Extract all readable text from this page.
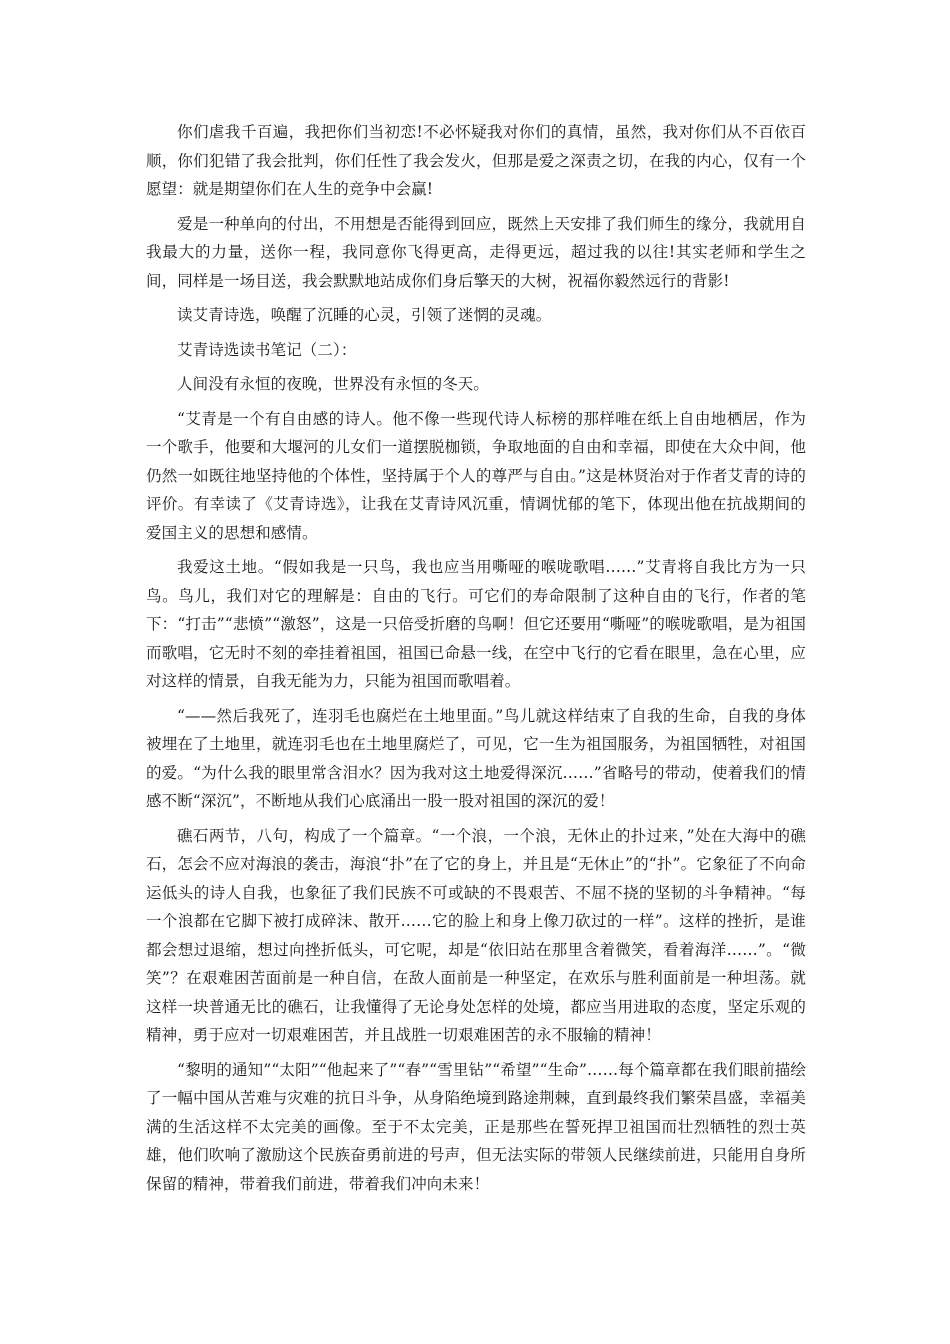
你们虐我千百遍，我把你们当初恋!不必怀疑我对你们的真情，虽然，我对你们从不百依百顺，你们犯错了我会批判，你们任性了我会发火，但那是爱之深责之切，在我的内心，仅有一个愿望：就是期望你们在人生的竞争中会赢!

爱是一种单向的付出，不用想是否能得到回应，既然上天安排了我们师生的缘分，我就用自我最大的力量，送你一程，我同意你飞得更高，走得更远，超过我的以往!其实老师和学生之间，同样是一场目送，我会默默地站成你们身后擎天的大树，祝福你毅然远行的背影!

读艾青诗选，唤醒了沉睡的心灵，引领了迷惘的灵魂。

艾青诗选读书笔记（二）：

人间没有永恒的夜晚，世界没有永恒的冬天。

“艾青是一个有自由感的诗人。他不像一些现代诗人标榜的那样唯在纸上自由地栖居，作为一个歌手，他要和大堰河的儿女们一道摆脱枷锁，争取地面的自由和幸福，即使在大众中间，他仍然一如既往地坚持他的个体性，坚持属于个人的尊严与自由。”这是林贤治对于作者艾青的诗的评价。有幸读了《艾青诗选》，让我在艾青诗风沉重，情调忧郁的笔下，体现出他在抗战期间的爱国主义的思想和感情。

我爱这土地。“假如我是一只鸟，我也应当用嘶哑的喉咙歌唱……”艾青将自我比方为一只鸟。鸟儿，我们对它的理解是：自由的飞行。可它们的寿命限制了这种自由的飞行，作者的笔下：“打击”“悲愤”“激怒”，这是一只倍受折磨的鸟啊！但它还要用“嘶哑”的喉咙歌唱，是为祖国而歌唱，它无时不刻的牵挂着祖国，祖国已命悬一线，在空中飞行的它看在眼里，急在心里，应对这样的情景，自我无能为力，只能为祖国而歌唱着。

“——然后我死了，连羽毛也腐烂在土地里面。”鸟儿就这样结束了自我的生命，自我的身体被埋在了土地里，就连羽毛也在土地里腐烂了，可见，它一生为祖国服务，为祖国牺牲，对祖国的爱。“为什么我的眼里常含泪水？因为我对这土地爱得深沉……”省略号的带动，使着我们的情感不断“深沉”，不断地从我们心底涌出一股一股对祖国的深沉的爱！

礁石两节，八句，构成了一个篇章。“一个浪，一个浪，无休止的扑过来，”处在大海中的礁石，怎会不应对海浪的袭击，海浪“扑”在了它的身上，并且是“无休止”的“扑”。它象征了不向命运低头的诗人自我，也象征了我们民族不可或缺的不畏艰苦、不屈不挠的坚韧的斗争精神。“每一个浪都在它脚下被打成碎沫、散开……它的脸上和身上像刀砍过的一样”。这样的挫折，是谁都会想过退缩，想过向挫折低头，可它呢，却是“依旧站在那里含着微笑，看着海洋……”。“微笑”？在艰难困苦面前是一种自信，在敌人面前是一种坚定，在欢乐与胜利面前是一种坦荡。就这样一块普通无比的礁石，让我懂得了无论身处怎样的处境，都应当用进取的态度，坚定乐观的精神，勇于应对一切艰难困苦，并且战胜一切艰难困苦的永不服输的精神！

“黎明的通知”“太阳”“他起来了”“春”“雪里钻”“希望”“生命”……每个篇章都在我们眼前描绘了一幅中国从苦难与灾难的抗日斗争，从身陷绝境到路途荆棘，直到最终我们繁荣昌盛，幸福美满的生活这样不太完美的画像。至于不太完美，正是那些在誓死捍卫祖国而壮烈牺牲的烈士英雄，他们吹响了激励这个民族奋勇前进的号声，但无法实际的带领人民继续前进，只能用自身所保留的精神，带着我们前进，带着我们冲向未来！
